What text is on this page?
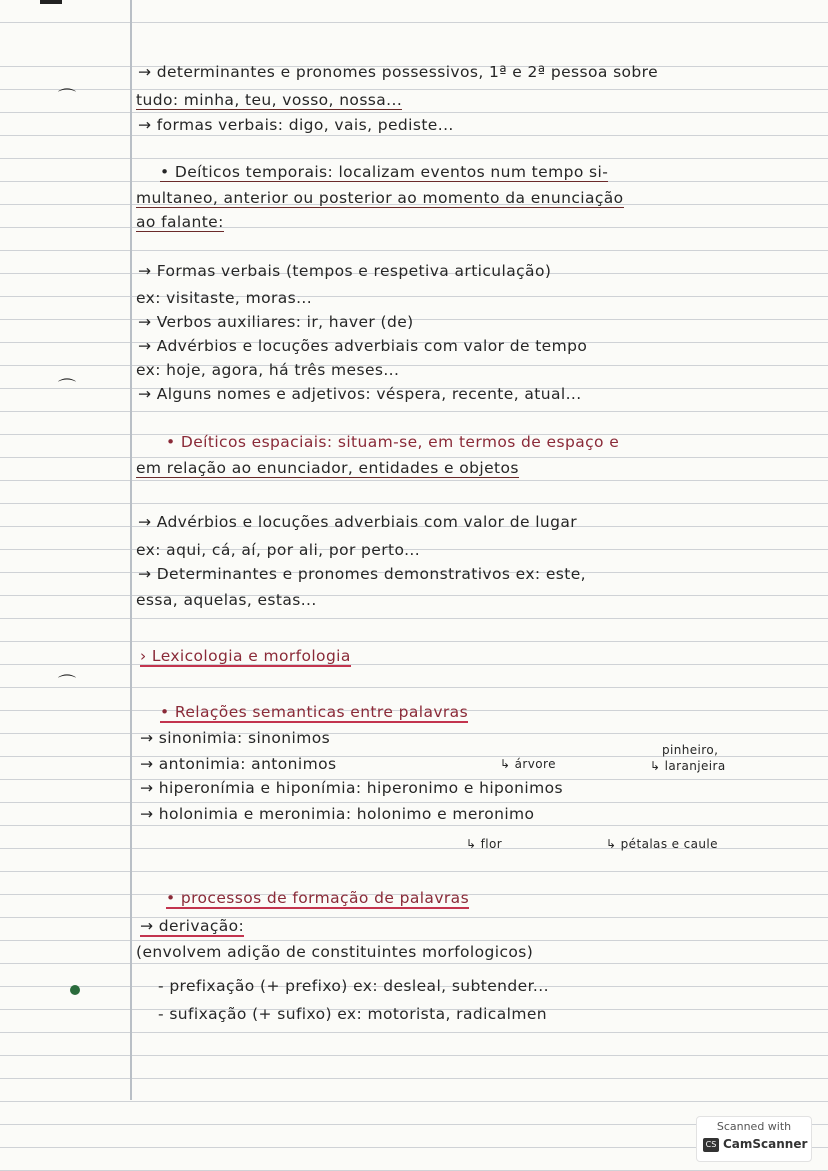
⌒
⌒
⌒
→ determinantes e pronomes possessivos, 1ª e 2ª pessoa sobre
tudo: minha, teu, vosso, nossa...
→ formas verbais: digo, vais, pediste...
• Deíticos temporais: localizam eventos num tempo si-
multaneo, anterior ou posterior ao momento da enunciação
ao falante:
→ Formas verbais (tempos e respetiva articulação)
ex: visitaste, moras...
→ Verbos auxiliares: ir, haver (de)
→ Advérbios e locuções adverbiais com valor de tempo
ex: hoje, agora, há três meses...
→ Alguns nomes e adjetivos: véspera, recente, atual...
• Deíticos espaciais: situam-se, em termos de espaço e
em relação ao enunciador, entidades e objetos
→ Advérbios e locuções adverbiais com valor de lugar
ex: aqui, cá, aí, por ali, por perto...
→ Determinantes e pronomes demonstrativos ex: este,
essa, aquelas, estas...
› Lexicologia e morfologia
• Relações semanticas entre palavras
→ sinonimia: sinonimos
→ antonimia: antonimos
→ hiperonímia e hiponímia: hiperonimo e hiponimos
→ holonimia e meronimia: holonimo e meronimo
↳ árvore
pinheiro,
↳ laranjeira
↳ flor	↳ pétalas e caule
• processos de formação de palavras
→ derivação:
(envolvem adição de constituintes morfologicos)
- prefixação (+ prefixo) ex: desleal, subtender...
- sufixação (+ sufixo) ex: motorista, radicalmen
Scanned with
CS CamScanner
